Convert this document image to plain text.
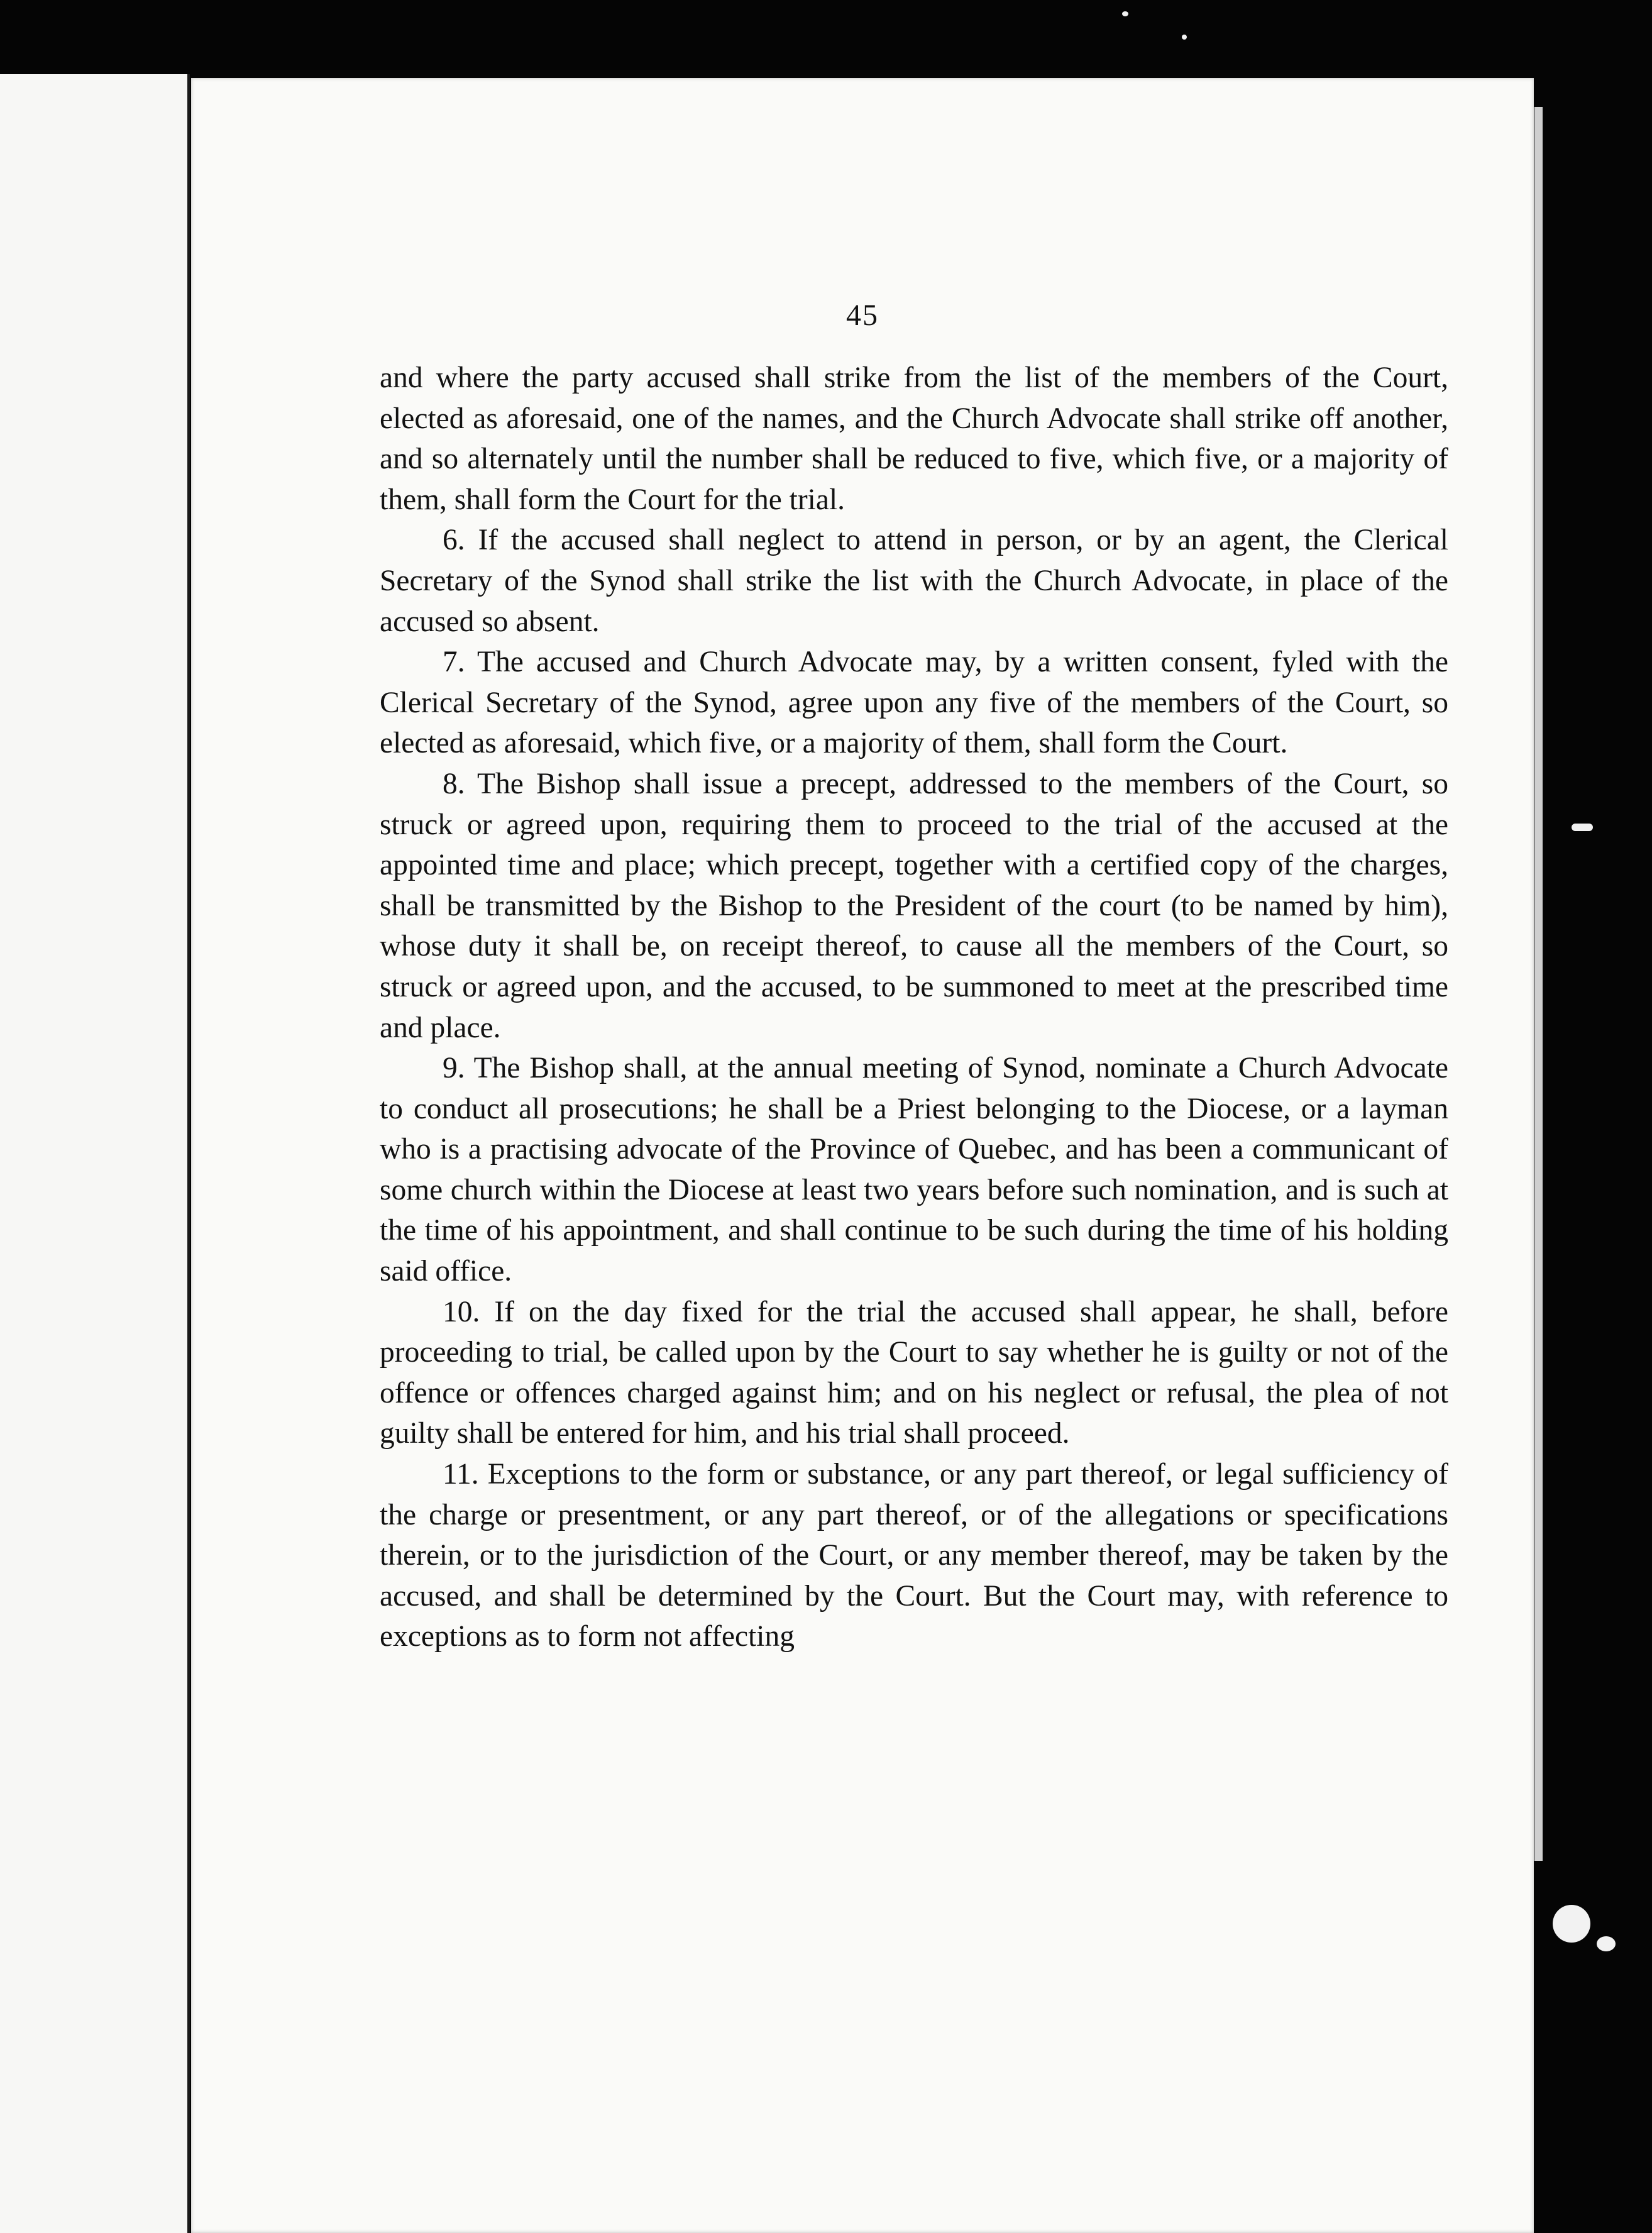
45

and where the party accused shall strike from the list of the members of the Court, elected as aforesaid, one of the names, and the Church Advocate shall strike off another, and so alternately until the number shall be reduced to five, which five, or a majority of them, shall form the Court for the trial.

6. If the accused shall neglect to attend in person, or by an agent, the Clerical Secretary of the Synod shall strike the list with the Church Advocate, in place of the accused so absent.

7. The accused and Church Advocate may, by a written consent, fyled with the Clerical Secretary of the Synod, agree upon any five of the members of the Court, so elected as aforesaid, which five, or a majority of them, shall form the Court.

8. The Bishop shall issue a precept, addressed to the members of the Court, so struck or agreed upon, requiring them to proceed to the trial of the accused at the appointed time and place; which precept, together with a certified copy of the charges, shall be transmitted by the Bishop to the President of the court (to be named by him), whose duty it shall be, on receipt thereof, to cause all the members of the Court, so struck or agreed upon, and the accused, to be summoned to meet at the prescribed time and place.

9. The Bishop shall, at the annual meeting of Synod, nominate a Church Advocate to conduct all prosecutions; he shall be a Priest belonging to the Diocese, or a layman who is a practising advocate of the Province of Quebec, and has been a communicant of some church within the Diocese at least two years before such nomination, and is such at the time of his appointment, and shall continue to be such during the time of his holding said office.

10. If on the day fixed for the trial the accused shall appear, he shall, before proceeding to trial, be called upon by the Court to say whether he is guilty or not of the offence or offences charged against him; and on his neglect or refusal, the plea of not guilty shall be entered for him, and his trial shall proceed.

11. Exceptions to the form or substance, or any part thereof, or legal sufficiency of the charge or presentment, or any part thereof, or of the allegations or specifications therein, or to the jurisdiction of the Court, or any member thereof, may be taken by the accused, and shall be determined by the Court. But the Court may, with reference to exceptions as to form not affecting
